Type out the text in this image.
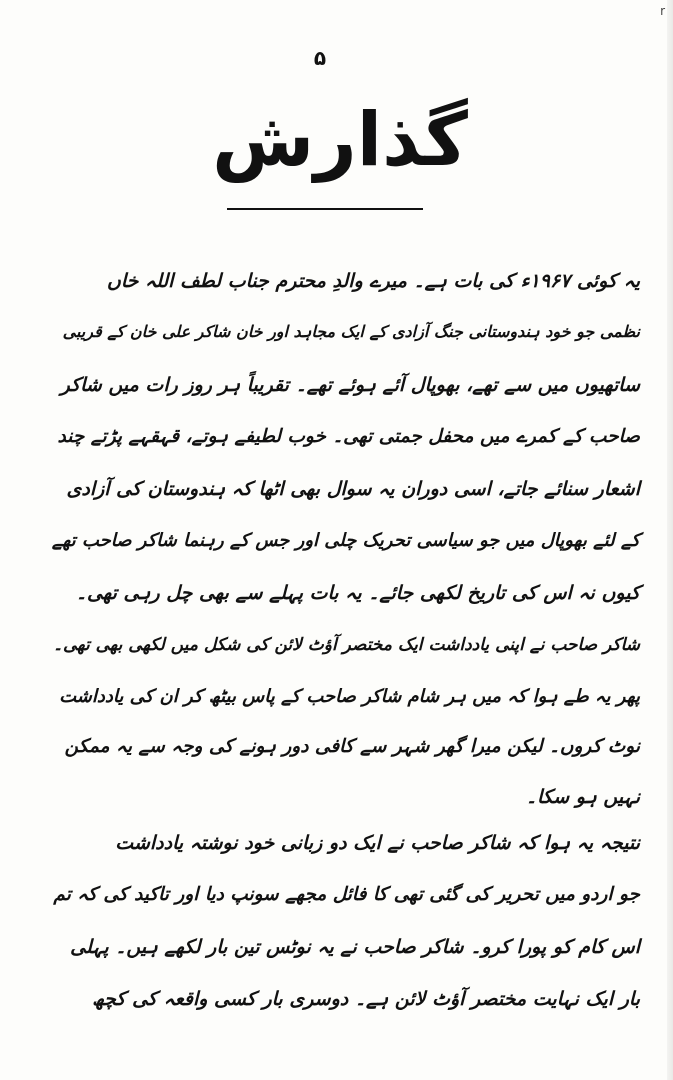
r
۵
گذارش
یہ کوئی ۱۹۶۷ء کی بات ہے۔ میرے والدِ محترم جناب لطف اللہ خاں
نظمی جو خود ہندوستانی جنگ آزادی کے ایک مجاہد اور خان شاکر علی خان کے قریبی
ساتھیوں میں سے تھے، بھوپال آئے ہوئے تھے۔ تقریباً ہر روز رات میں شاکر
صاحب کے کمرے میں محفل جمتی تھی۔ خوب لطیفے ہوتے، قہقہے پڑتے چند
اشعار سنائے جاتے، اسی دوران یہ سوال بھی اٹھا کہ ہندوستان کی آزادی
کے لئے بھوپال میں جو سیاسی تحریک چلی اور جس کے رہنما شاکر صاحب تھے
کیوں نہ اس کی تاریخ لکھی جائے۔ یہ بات پہلے سے بھی چل رہی تھی۔
شاکر صاحب نے اپنی یادداشت ایک مختصر آؤٹ لائن کی شکل میں لکھی بھی تھی۔
پھر یہ طے ہوا کہ میں ہر شام شاکر صاحب کے پاس بیٹھ کر ان کی یادداشت
نوٹ کروں۔ لیکن میرا گھر شہر سے کافی دور ہونے کی وجہ سے یہ ممکن
نہیں ہو سکا۔
نتیجہ یہ ہوا کہ شاکر صاحب نے ایک دو زبانی خود نوشتہ یادداشت
جو اردو میں تحریر کی گئی تھی کا فائل مجھے سونپ دیا اور تاکید کی کہ تم
اس کام کو پورا کرو۔ شاکر صاحب نے یہ نوٹس تین بار لکھے ہیں۔ پہلی
بار ایک نہایت مختصر آؤٹ لائن ہے۔ دوسری بار کسی واقعہ کی کچھ
